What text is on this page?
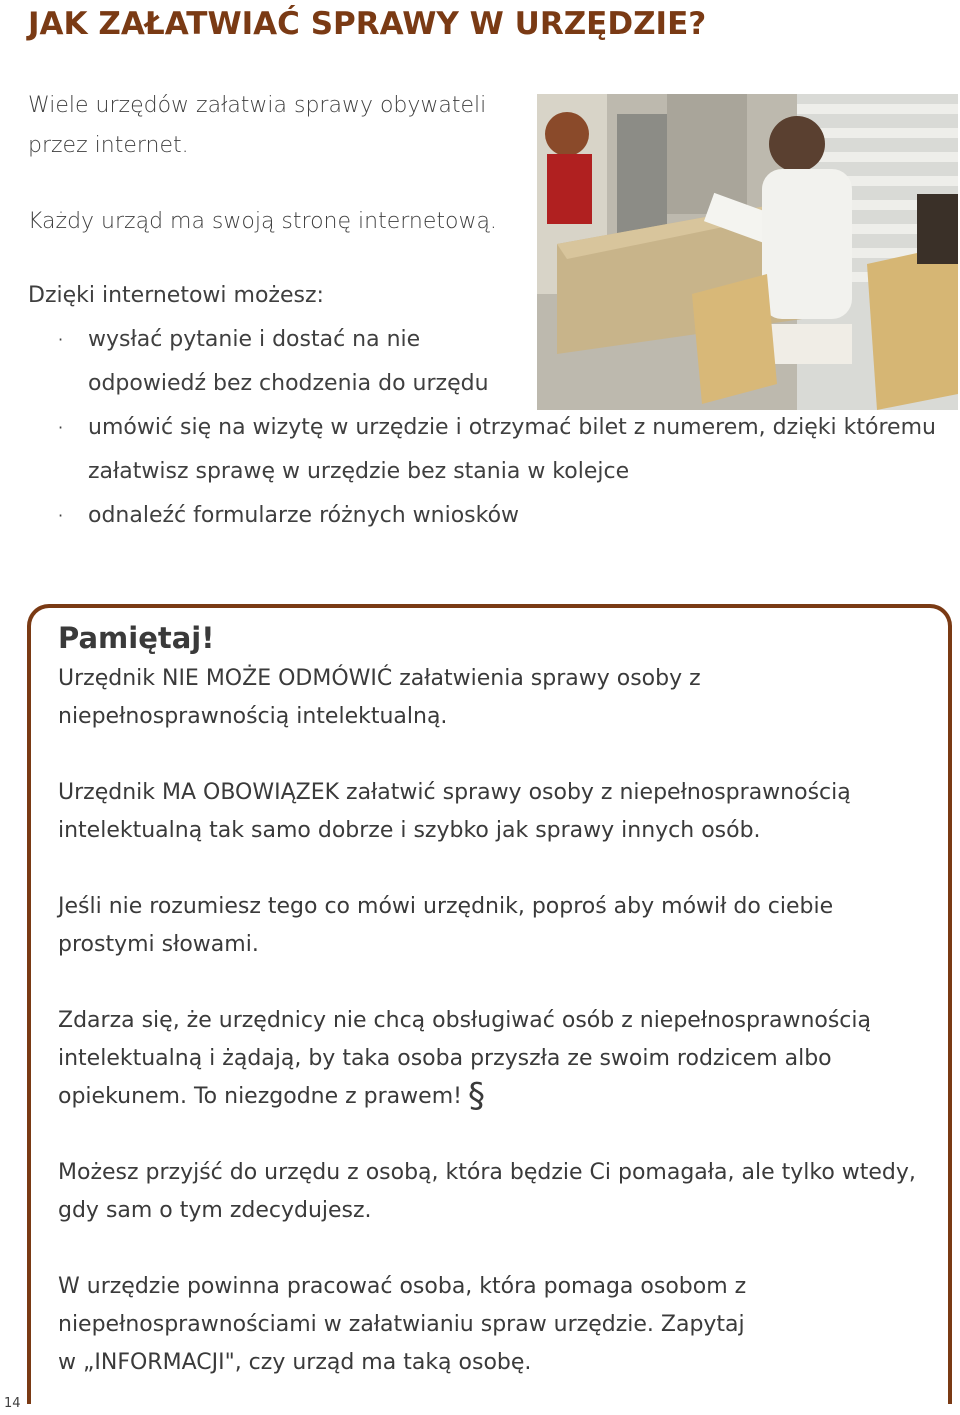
JAK ZAŁATWIAĆ SPRAWY W URZĘDZIE?

Wiele urzędów załatwia sprawy obywateli przez internet.

Każdy urząd ma swoją stronę internetową.

Dzięki internetowi możesz:
· wysłać pytanie i dostać na nie odpowiedź bez chodzenia do urzędu
· umówić się na wizytę w urzędzie i otrzymać bilet z numerem, dzięki któremu załatwisz sprawę w urzędzie bez stania w kolejce
· odnaleźć formularze różnych wniosków
Pamiętaj!

Urzędnik NIE MOŻE ODMÓWIĆ załatwienia sprawy osoby z niepełnosprawnością intelektualną.

Urzędnik MA OBOWIĄZEK załatwić sprawy osoby z niepełnosprawnością intelektualną tak samo dobrze i szybko jak sprawy innych osób.

Jeśli nie rozumiesz tego co mówi urzędnik, poproś aby mówił do ciebie prostymi słowami.

Zdarza się, że urzędnicy nie chcą obsługiwać osób z niepełnosprawnością intelektualną i żądają, by taka osoba przyszła ze swoim rodzicem albo opiekunem. To niezgodne z prawem! §

Możesz przyjść do urzędu z osobą, która będzie Ci pomagała, ale tylko wtedy, gdy sam o tym zdecydujesz.

W urzędzie powinna pracować osoba, która pomaga osobom z niepełnosprawnościami w załatwianiu spraw urzędzie. Zapytaj w „INFORMACJI", czy urząd ma taką osobę.

14
